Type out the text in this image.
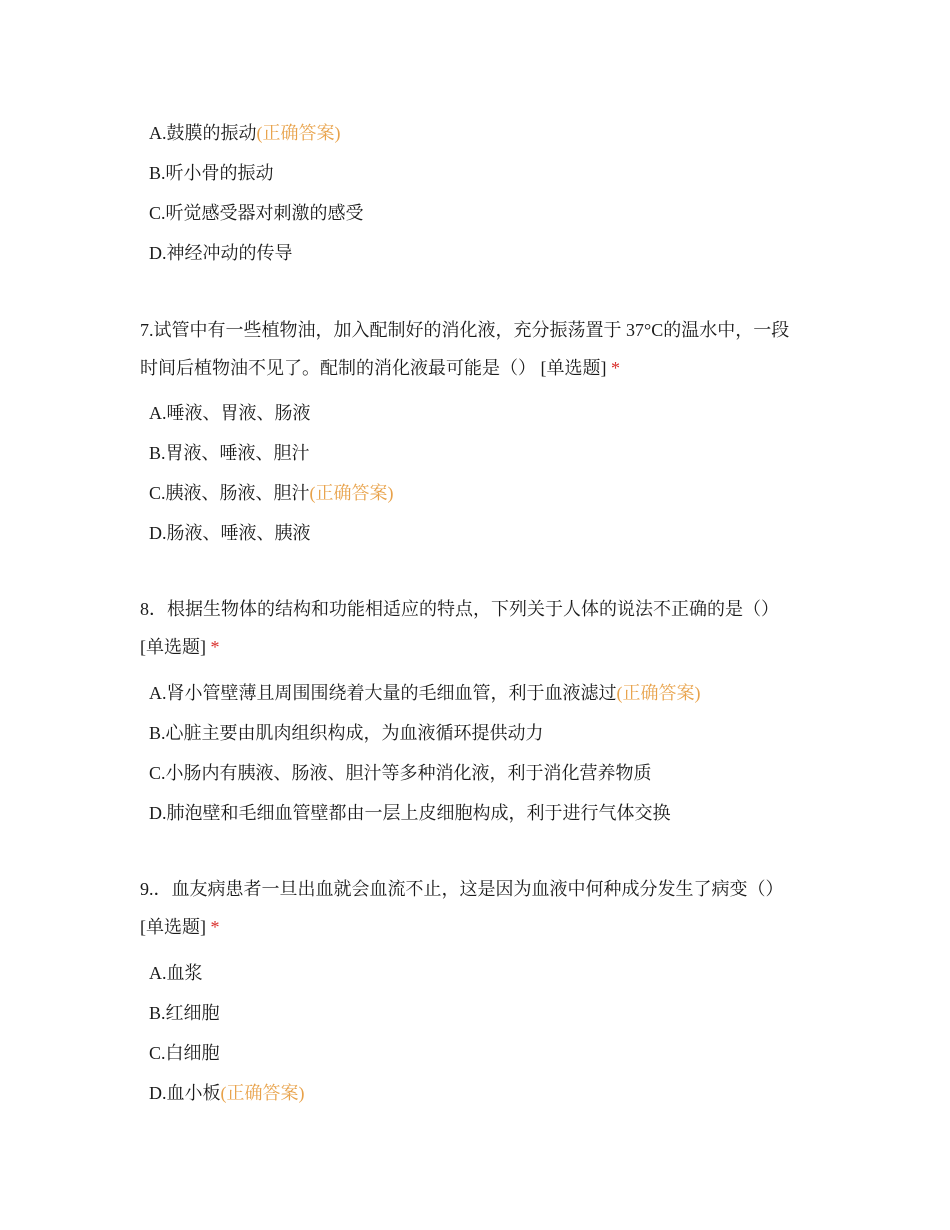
A.鼓膜的振动(正确答案)
B.听小骨的振动
C.听觉感受器对刺激的感受
D.神经冲动的传导
7.试管中有一些植物油，加入配制好的消化液，充分振荡置于 37°C的温水中，一段
时间后植物油不见了。配制的消化液最可能是（） [单选题] *
A.唾液、胃液、肠液
B.胃液、唾液、胆汁
C.胰液、肠液、胆汁(正确答案)
D.肠液、唾液、胰液
8．根据生物体的结构和功能相适应的特点，下列关于人体的说法不正确的是（）
[单选题] *
A.肾小管壁薄且周围围绕着大量的毛细血管，利于血液滤过(正确答案)
B.心脏主要由肌肉组织构成，为血液循环提供动力
C.小肠内有胰液、肠液、胆汁等多种消化液，利于消化营养物质
D.肺泡壁和毛细血管壁都由一层上皮细胞构成，利于进行气体交换
9.．血友病患者一旦出血就会血流不止，这是因为血液中何种成分发生了病变（）
[单选题] *
A.血浆
B.红细胞
C.白细胞
D.血小板(正确答案)
